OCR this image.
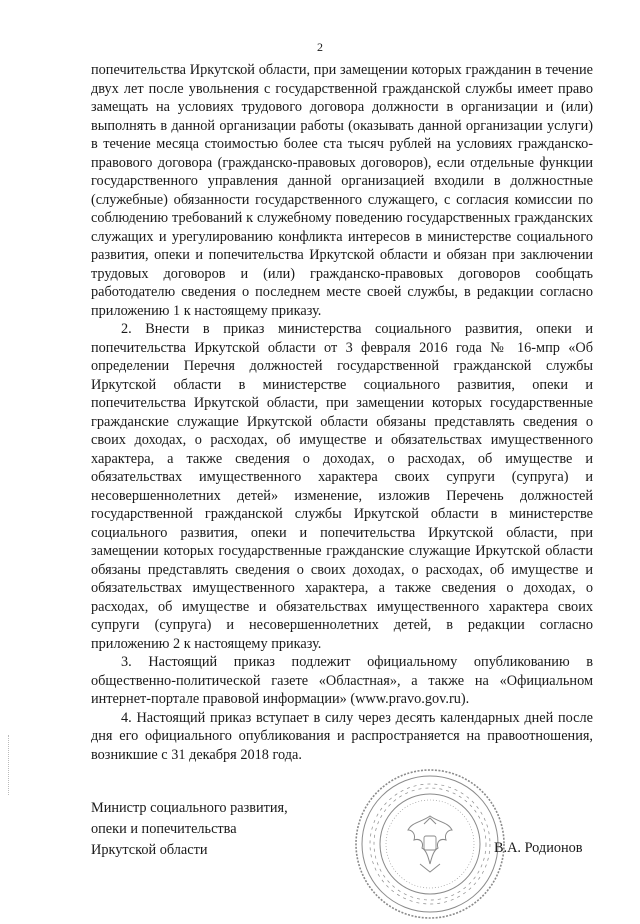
2

попечительства Иркутской области, при замещении которых гражданин в течение двух лет после увольнения с государственной гражданской службы имеет право замещать на условиях трудового договора должности в организации и (или) выполнять в данной организации работы (оказывать данной организации услуги) в течение месяца стоимостью более ста тысяч рублей на условиях гражданско-правового договора (гражданско-правовых договоров), если отдельные функции государственного управления данной организацией входили в должностные (служебные) обязанности государственного служащего, с согласия комиссии по соблюдению требований к служебному поведению государственных гражданских служащих и урегулированию конфликта интересов в министерстве социального развития, опеки и попечительства Иркутской области и обязан при заключении трудовых договоров и (или) гражданско-правовых договоров сообщать работодателю сведения о последнем месте своей службы, в редакции согласно приложению 1 к настоящему приказу.

2. Внести в приказ министерства социального развития, опеки и попечительства Иркутской области от 3 февраля 2016 года № 16-мпр «Об определении Перечня должностей государственной гражданской службы Иркутской области в министерстве социального развития, опеки и попечительства Иркутской области, при замещении которых государственные гражданские служащие Иркутской области обязаны представлять сведения о своих доходах, о расходах, об имуществе и обязательствах имущественного характера, а также сведения о доходах, о расходах, об имуществе и обязательствах имущественного характера своих супруги (супруга) и несовершеннолетних детей» изменение, изложив Перечень должностей государственной гражданской службы Иркутской области в министерстве социального развития, опеки и попечительства Иркутской области, при замещении которых государственные гражданские служащие Иркутской области обязаны представлять сведения о своих доходах, о расходах, об имуществе и обязательствах имущественного характера, а также сведения о доходах, о расходах, об имуществе и обязательствах имущественного характера своих супруги (супруга) и несовершеннолетних детей, в редакции согласно приложению 2 к настоящему приказу.

3. Настоящий приказ подлежит официальному опубликованию в общественно-политической газете «Областная», а также на «Официальном интернет-портале правовой информации» (www.pravo.gov.ru).

4. Настоящий приказ вступает в силу через десять календарных дней после дня его официального опубликования и распространяется на правоотношения, возникшие с 31 декабря 2018 года.

Министр социального развития,
опеки и попечительства
Иркутской области	В.А. Родионов
